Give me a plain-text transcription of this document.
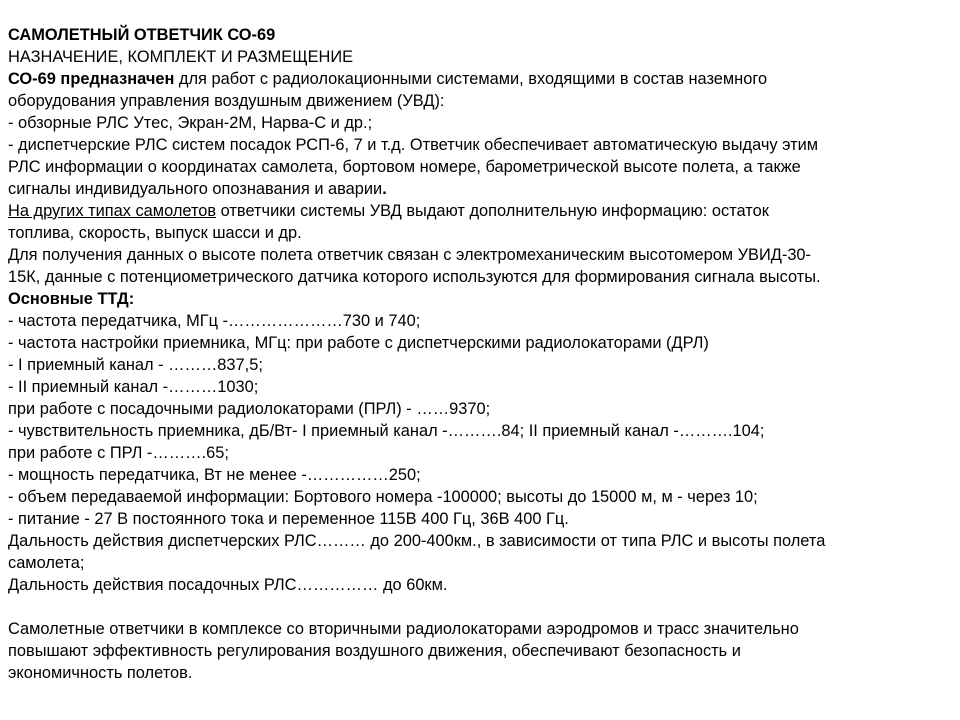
САМОЛЕТНЫЙ ОТВЕТЧИК СО-69
НАЗНАЧЕНИЕ, КОМПЛЕКТ И РАЗМЕЩЕНИЕ
СО-69 предназначен для работ с радиолокационными системами, входящими в состав наземного
оборудования управления воздушным движением (УВД):
- обзорные РЛС Утес, Экран-2М, Нарва-С и др.;
- диспетчерские РЛС систем посадок РСП-6, 7 и т.д. Ответчик обеспечивает автоматическую выдачу этим
РЛС информации о координатах самолета, бортовом номере, барометрической высоте полета, а также
сигналы индивидуального опознавания и аварии.
На других типах самолетов ответчики системы УВД выдают дополнительную информацию: остаток
топлива, скорость, выпуск шасси и др.
Для получения данных о высоте полета ответчик связан с электромеханическим высотомером УВИД-30-
15К, данные с потенциометрического датчика которого используются для формирования сигнала высоты.
Основные ТТД:
- частота передатчика, МГц -…………………730 и 740;
- частота настройки приемника, МГц: при работе с диспетчерскими радиолокаторами (ДРЛ)
- I приемный канал - ………837,5;
- II приемный канал -………1030;
при работе с посадочными радиолокаторами (ПРЛ) - ……9370;
- чувствительность приемника, дБ/Вт- I приемный канал -……….84; II приемный канал -……….104;
при работе с ПРЛ -……….65;
- мощность передатчика, Вт не менее -……………250;
- объем передаваемой информации: Бортового номера -100000; высоты до 15000 м, м - через 10;
- питание - 27 В постоянного тока и переменное 115В 400 Гц, 36В 400 Гц.
Дальность действия диспетчерских РЛС……… до 200-400км., в зависимости от типа РЛС и высоты полета
самолета;
Дальность действия посадочных РЛС…………… до 60км.
Самолетные ответчики в комплексе со вторичными радиолокаторами аэродромов и трасс значительно
повышают эффективность регулирования воздушного движения, обеспечивают безопасность и
экономичность полетов.
